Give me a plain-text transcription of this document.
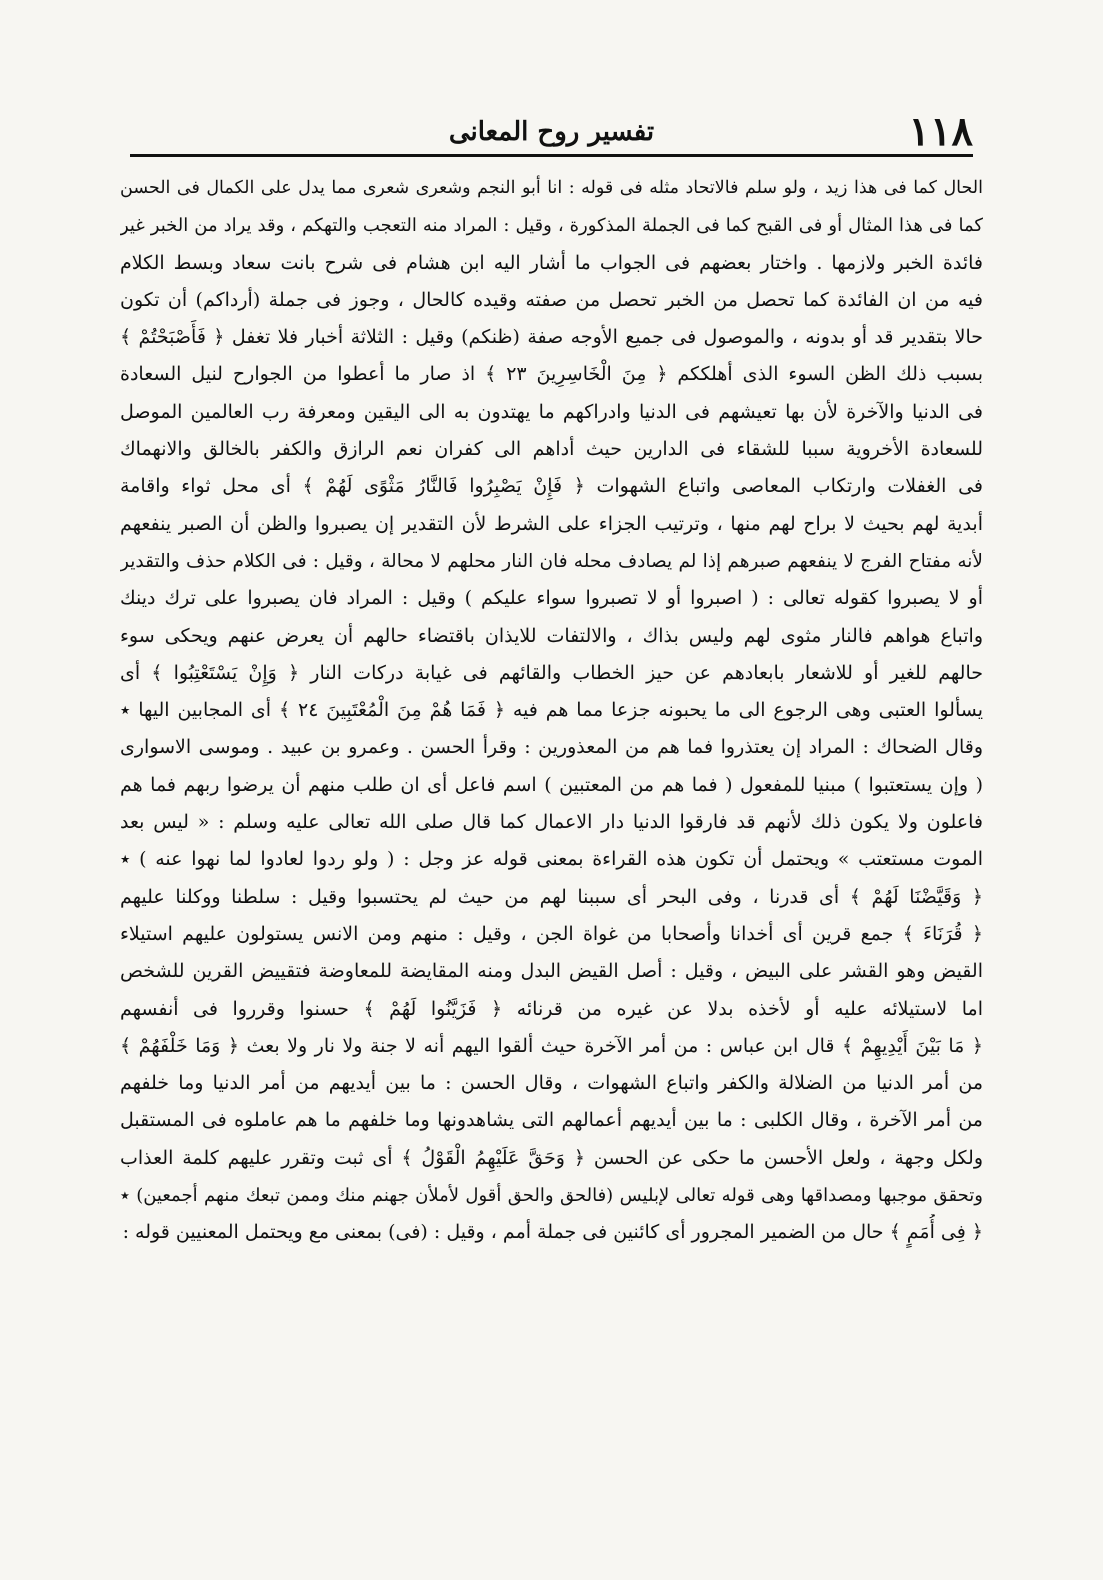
١١٨
تفسير روح المعانى
الحال كما فى هذا زيد ، ولو سلم فالاتحاد مثله فى قوله : انا أبو النجم وشعرى شعرى مما يدل على الكمال فى الحسن
كما فى هذا المثال أو فى القبح كما فى الجملة المذكورة ، وقيل : المراد منه التعجب والتهكم ، وقد يراد من الخبر غير
فائدة الخبر ولازمها . واختار بعضهم فى الجواب ما أشار اليه ابن هشام فى شرح بانت سعاد وبسط الكلام
فيه من ان الفائدة كما تحصل من الخبر تحصل من صفته وقيده كالحال ، وجوز فى جملة (أرداكم) أن تكون
حالا بتقدير قد أو بدونه ، والموصول فى جميع الأوجه صفة (ظنكم) وقيل : الثلاثة أخبار فلا تغفل ﴿ فَأَصْبَحْتُمْ ﴾
بسبب ذلك الظن السوء الذى أهلككم ﴿ مِنَ الْخَاسِرِينَ ٢٣ ﴾ اذ صار ما أعطوا من الجوارح لنيل السعادة
فى الدنيا والآخرة لأن بها تعيشهم فى الدنيا وادراكهم ما يهتدون به الى اليقين ومعرفة رب العالمين الموصل
للسعادة الأخروية سببا للشقاء فى الدارين حيث أداهم الى كفران نعم الرازق والكفر بالخالق والانهماك
فى الغفلات وارتكاب المعاصى واتباع الشهوات ﴿ فَإِنْ يَصْبِرُوا فَالنَّارُ مَثْوًى لَهُمْ ﴾ أى محل ثواء واقامة
أبدية لهم بحيث لا براح لهم منها ، وترتيب الجزاء على الشرط لأن التقدير إن يصبروا والظن أن الصبر ينفعهم
لأنه مفتاح الفرج لا ينفعهم صبرهم إذا لم يصادف محله فان النار محلهم لا محالة ، وقيل : فى الكلام حذف والتقدير
أو لا يصبروا كقوله تعالى : ( اصبروا أو لا تصبروا سواء عليكم ) وقيل : المراد فان يصبروا على ترك دينك
واتباع هواهم فالنار مثوى لهم وليس بذاك ، والالتفات للايذان باقتضاء حالهم أن يعرض عنهم ويحكى سوء
حالهم للغير أو للاشعار بابعادهم عن حيز الخطاب والقائهم فى غيابة دركات النار ﴿ وَإِنْ يَسْتَعْتِبُوا ﴾ أى
يسألوا العتبى وهى الرجوع الى ما يحبونه جزعا مما هم فيه ﴿ فَمَا هُمْ مِنَ الْمُعْتَبِينَ ٢٤ ﴾ أى المجابين اليها ٭
وقال الضحاك : المراد إن يعتذروا فما هم من المعذورين : وقرأ الحسن . وعمرو بن عبيد . وموسى الاسوارى
( وإن يستعتبوا ) مبنيا للمفعول ( فما هم من المعتبين ) اسم فاعل أى ان طلب منهم أن يرضوا ربهم فما هم
فاعلون ولا يكون ذلك لأنهم قد فارقوا الدنيا دار الاعمال كما قال صلى الله تعالى عليه وسلم : « ليس بعد
الموت مستعتب » ويحتمل أن تكون هذه القراءة بمعنى قوله عز وجل : ( ولو ردوا لعادوا لما نهوا عنه ) ٭
﴿ وَقَيَّضْنَا لَهُمْ ﴾ أى قدرنا ، وفى البحر أى سببنا لهم من حيث لم يحتسبوا وقيل : سلطنا ووكلنا عليهم
﴿ قُرَنَاءَ ﴾ جمع قرين أى أخدانا وأصحابا من غواة الجن ، وقيل : منهم ومن الانس يستولون عليهم استيلاء
القيض وهو القشر على البيض ، وقيل : أصل القيض البدل ومنه المقايضة للمعاوضة فتقييض القرين للشخص
اما لاستيلائه عليه أو لأخذه بدلا عن غيره من قرنائه ﴿ فَزَيَّنُوا لَهُمْ ﴾ حسنوا وقرروا فى أنفسهم
﴿ مَا بَيْنَ أَيْدِيهِمْ ﴾ قال ابن عباس : من أمر الآخرة حيث ألقوا اليهم أنه لا جنة ولا نار ولا بعث ﴿ وَمَا خَلْفَهُمْ ﴾
من أمر الدنيا من الضلالة والكفر واتباع الشهوات ، وقال الحسن : ما بين أيديهم من أمر الدنيا وما خلفهم
من أمر الآخرة ، وقال الكلبى : ما بين أيديهم أعمالهم التى يشاهدونها وما خلفهم ما هم عاملوه فى المستقبل
ولكل وجهة ، ولعل الأحسن ما حكى عن الحسن ﴿ وَحَقَّ عَلَيْهِمُ الْقَوْلُ ﴾ أى ثبت وتقرر عليهم كلمة العذاب
وتحقق موجبها ومصداقها وهى قوله تعالى لإبليس (فالحق والحق أقول لأملأن جهنم منك وممن تبعك منهم أجمعين) ٭
﴿ فِى أُمَمٍ ﴾ حال من الضمير المجرور أى كائنين فى جملة أمم ، وقيل : (فى) بمعنى مع ويحتمل المعنيين قوله :
